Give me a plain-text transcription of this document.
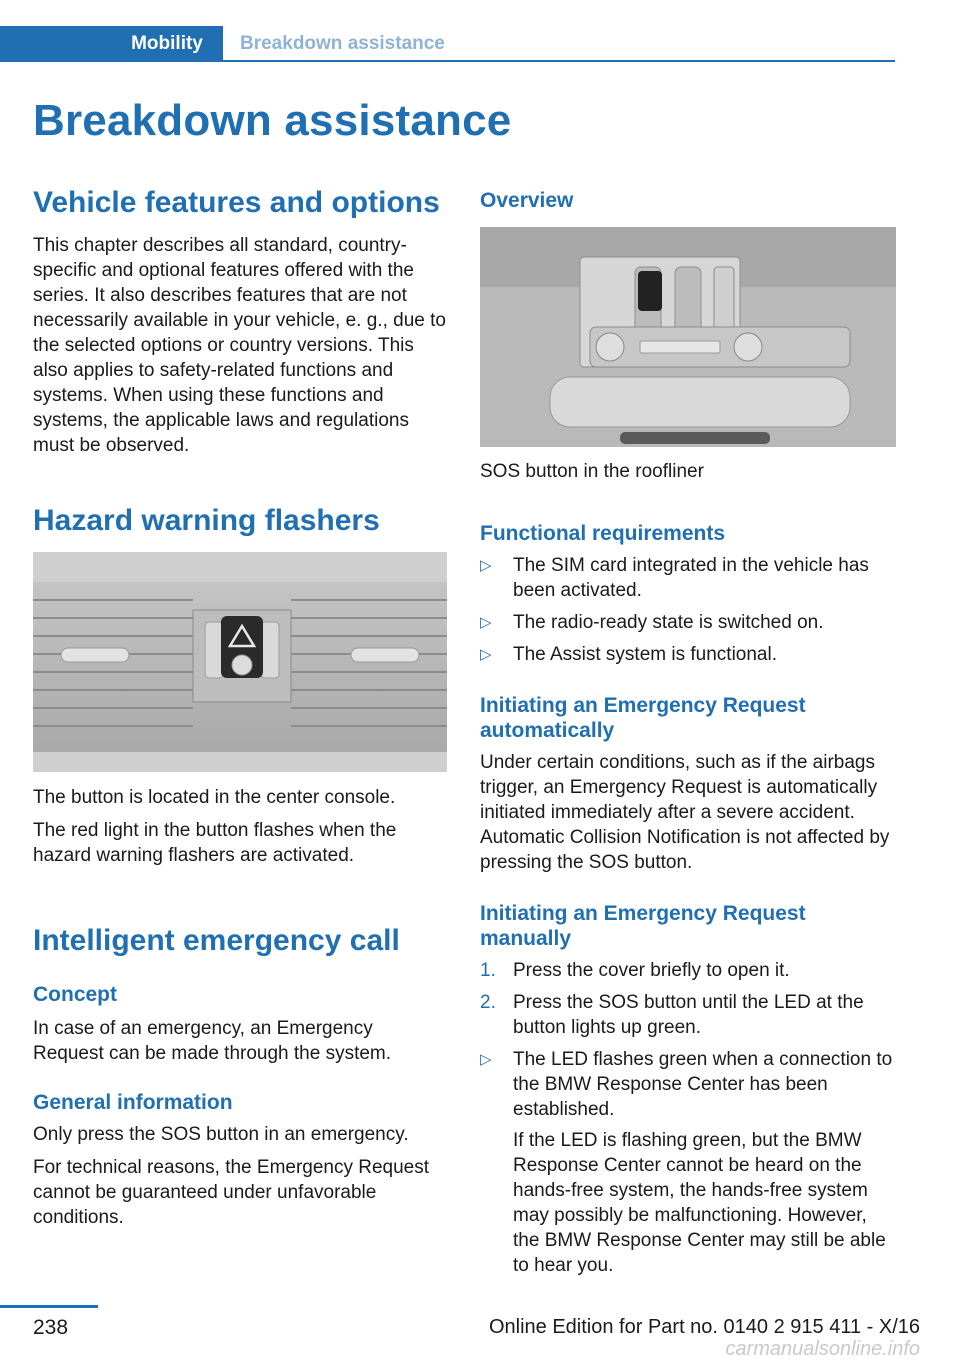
Mobility	Breakdown assistance
Breakdown assistance
Vehicle features and options

This chapter describes all standard, country-specific and optional features offered with the series. It also describes features that are not necessarily available in your vehicle, e. g., due to the selected options or country versions. This also applies to safety-related functions and systems. When using these functions and systems, the applicable laws and regulations must be observed.

Hazard warning flashers

The button is located in the center console.

The red light in the button flashes when the hazard warning flashers are activated.

Intelligent emergency call
Concept

In case of an emergency, an Emergency Request can be made through the system.

General information

Only press the SOS button in an emergency.

For technical reasons, the Emergency Request cannot be guaranteed under unfavorable conditions.

Overview

SOS button in the roofliner

Functional requirements
▷ The SIM card integrated in the vehicle has been activated.
▷ The radio-ready state is switched on.
▷ The Assist system is functional.
Initiating an Emergency Request automatically

Under certain conditions, such as if the airbags trigger, an Emergency Request is automatically initiated immediately after a severe accident. Automatic Collision Notification is not affected by pressing the SOS button.

Initiating an Emergency Request manually
1. Press the cover briefly to open it.
2. Press the SOS button until the LED at the button lights up green.
▷ The LED flashes green when a connection to the BMW Response Center has been established.
If the LED is flashing green, but the BMW Response Center cannot be heard on the hands-free system, the hands-free system may possibly be malfunctioning. However, the BMW Response Center may still be able to hear you.
238	Online Edition for Part no. 0140 2 915 411 - X/16
carmanualsonline.info
